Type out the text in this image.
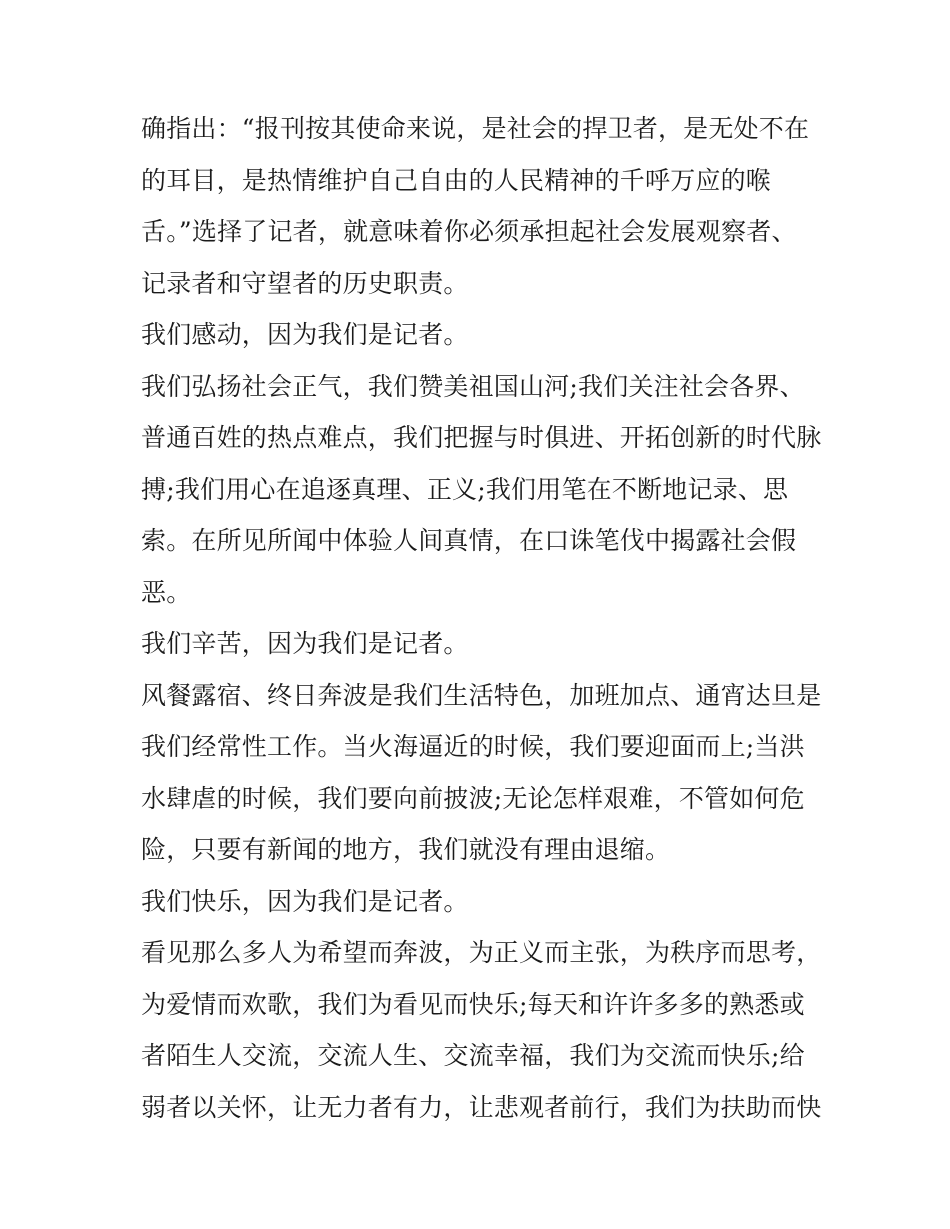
确指出：“报刊按其使命来说，是社会的捍卫者，是无处不在
的耳目，是热情维护自己自由的人民精神的千呼万应的喉
舌。”选择了记者，就意味着你必须承担起社会发展观察者、
记录者和守望者的历史职责。
我们感动，因为我们是记者。
我们弘扬社会正气，我们赞美祖国山河;我们关注社会各界、
普通百姓的热点难点，我们把握与时俱进、开拓创新的时代脉
搏;我们用心在追逐真理、正义;我们用笔在不断地记录、思
索。在所见所闻中体验人间真情，在口诛笔伐中揭露社会假
恶。
我们辛苦，因为我们是记者。
风餐露宿、终日奔波是我们生活特色，加班加点、通宵达旦是
我们经常性工作。当火海逼近的时候，我们要迎面而上;当洪
水肆虐的时候，我们要向前披波;无论怎样艰难，不管如何危
险，只要有新闻的地方，我们就没有理由退缩。
我们快乐，因为我们是记者。
看见那么多人为希望而奔波，为正义而主张，为秩序而思考，
为爱情而欢歌，我们为看见而快乐;每天和许许多多的熟悉或
者陌生人交流，交流人生、交流幸福，我们为交流而快乐;给
弱者以关怀，让无力者有力，让悲观者前行，我们为扶助而快
